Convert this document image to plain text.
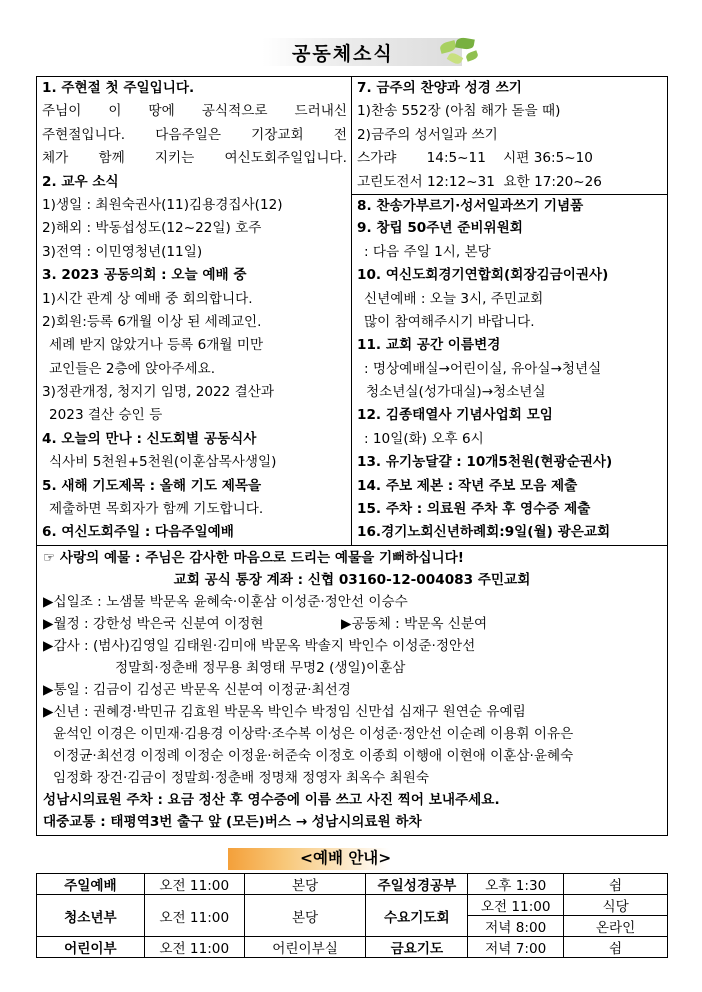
공동체소식
1. 주현절 첫 주일입니다.
주님이 이 땅에 공식적으로 드러내신
주현절입니다. 다음주일은 기장교회 전
체가 함께 지키는 여신도회주일입니다.
2. 교우 소식
1)생일 : 최원숙권사(11)김용경집사(12)
2)해외 : 박동섭성도(12~22일) 호주
3)전역 : 이민영청년(11일)
3. 2023 공동의회 : 오늘 예배 중
1)시간 관계 상 예배 중 회의합니다.
2)회원:등록 6개월 이상 된 세례교인.
세례 받지 않았거나 등록 6개월 미만
교인들은 2층에 앉아주세요.
3)정관개정, 청지기 임명, 2022 결산과
2023 결산 승인 등
4. 오늘의 만나 : 신도회별 공동식사
식사비 5천원+5천원(이훈삼목사생일)
5. 새해 기도제목 : 올해 기도 제목을
제출하면 목회자가 함께 기도합니다.
6. 여신도회주일 : 다음주일예배
7. 금주의 찬양과 성경 쓰기
1)찬송 552장 (아침 해가 돋을 때)
2)금주의 성서일과 쓰기
스가랴       14:5~11    시편 36:5~10
고린도전서 12:12~31  요한 17:20~26
8. 찬송가부르기·성서일과쓰기 기념품
9. 창립 50주년 준비위원회
: 다음 주일 1시, 본당
10. 여신도회경기연합회(회장김금이권사)
신년예배 : 오늘 3시, 주민교회
많이 참여해주시기 바랍니다.
11. 교회 공간 이름변경
: 명상예배실→어린이실, 유아실→청년실
청소년실(성가대실)→청소년실
12. 김종태열사 기념사업회 모임
: 10일(화) 오후 6시
13. 유기농달걀 : 10개5천원(현광순권사)
14. 주보 제본 : 작년 주보 모음 제출
15. 주차 : 의료원 주차 후 영수증 제출
16.경기노회신년하례회:9일(월) 광은교회
☞ 사랑의 예물 : 주님은 감사한 마음으로 드리는 예물을 기뻐하십니다!
교회 공식 통장 계좌 : 신협 03160-12-004083 주민교회
▶십일조 : 노샘물 박문옥 윤혜숙·이훈삼 이성준·정안선 이승수
▶월정 : 강한성 박은국 신분여 이정현	▶공동체 : 박문옥 신분여
▶감사 : (범사)김영일 김태원·김미애 박문옥 박솔지 박인수 이성준·정안선
정말희·정춘배 정무용 최영태 무명2 (생일)이훈삼
▶통일 : 김금이 김성곤 박문옥 신분여 이정균·최선경
▶신년 : 권혜경·박민규 김효원 박문옥 박인수 박정임 신만섭 심재구 원연순 유예림
윤석인 이경은 이민재·김용경 이상락·조수복 이성은 이성준·정안선 이순례 이용휘 이유은
이정균·최선경 이정례 이정순 이정윤·허준숙 이정호 이종희 이행애 이현애 이훈삼·윤혜숙
임정화 장건·김금이 정말희·정춘배 정명채 정영자 최옥수 최원숙
성남시의료원 주차 : 요금 정산 후 영수증에 이름 쓰고 사진 찍어 보내주세요.
대중교통 : 태평역3번 출구 앞 (모든)버스 → 성남시의료원 하차
<예배 안내>
주일예배	오전 11:00	본당	주일성경공부	오후 1:30	쉼
청소년부	오전 11:00	본당	수요기도회	오전 11:00	식당
				저녁 8:00	온라인
어린이부	오전 11:00	어린이부실	금요기도	저녁 7:00	쉼
